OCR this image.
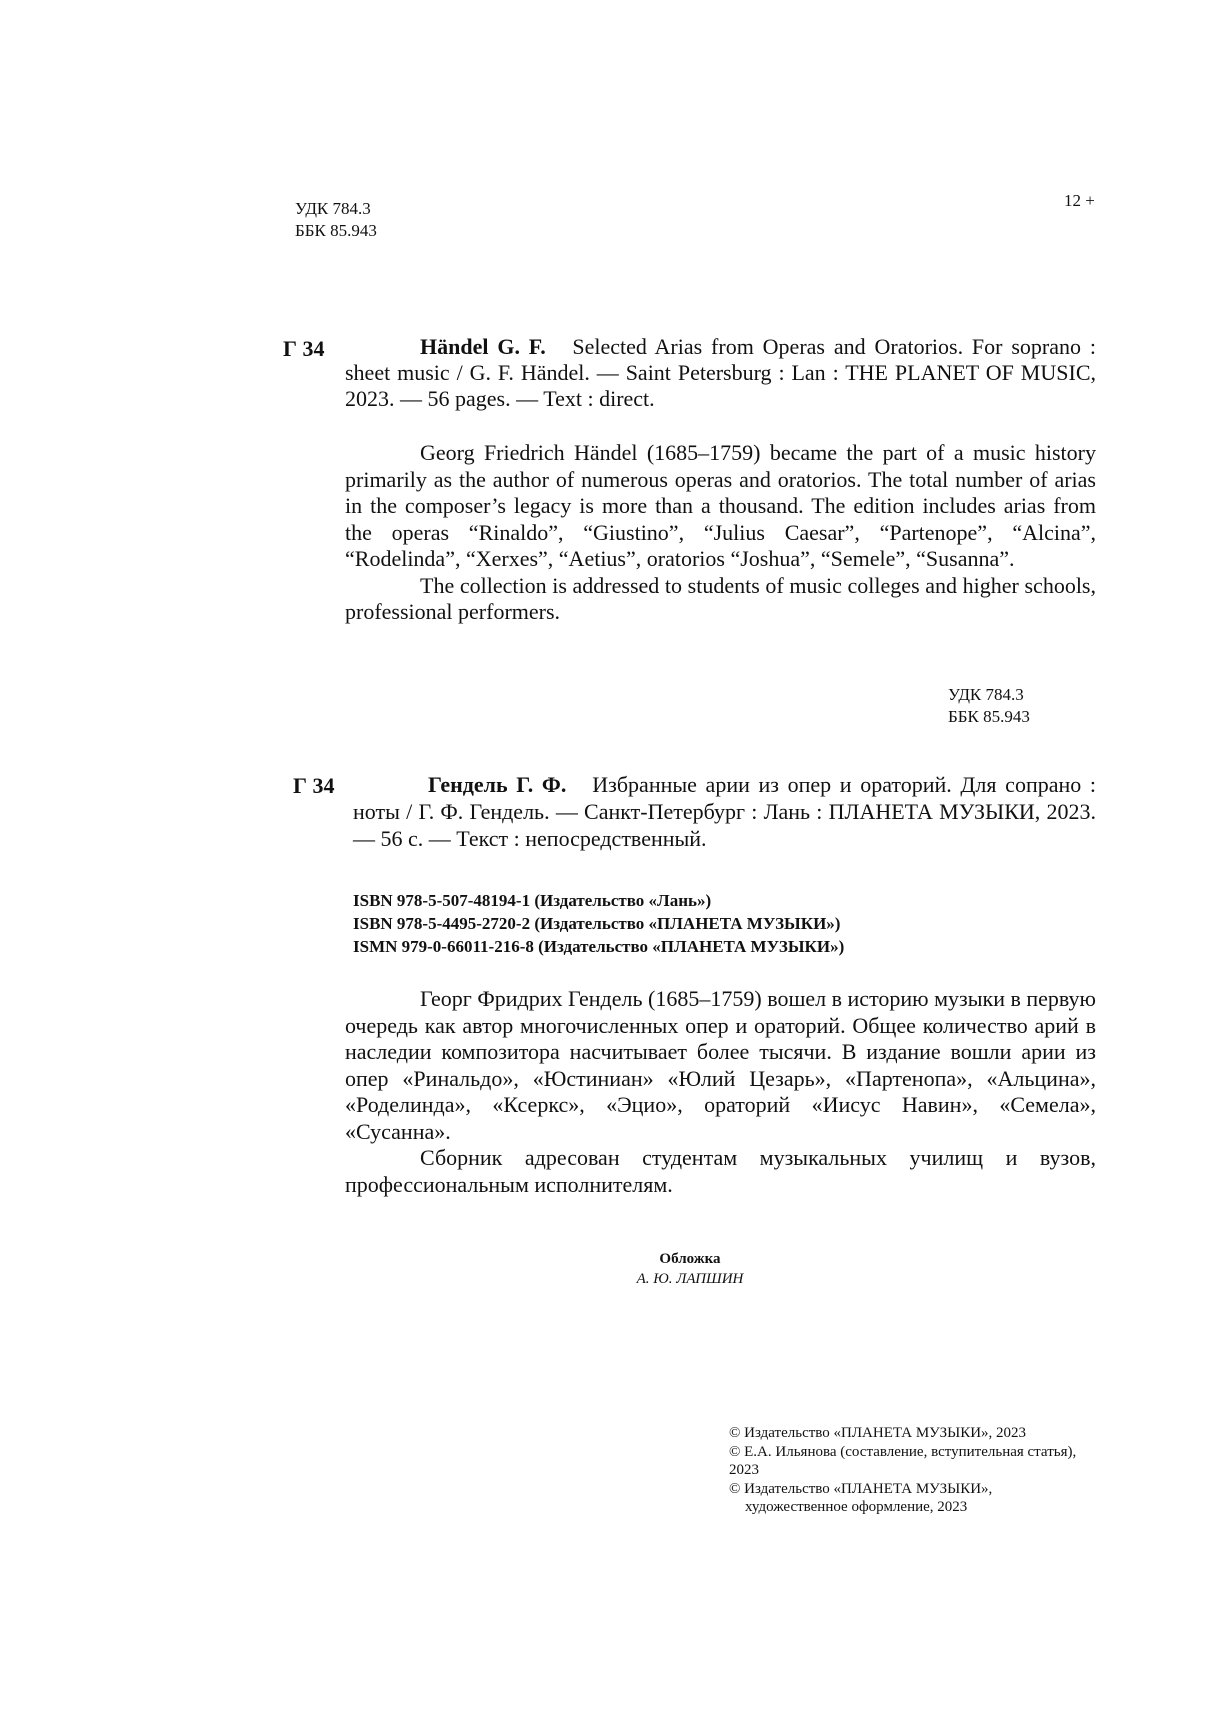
УДК 784.3
ББК 85.943
12 +
Г 34	Händel G. F. Selected Arias from Operas and Oratorios. For soprano : sheet music / G. F. Händel. — Saint Petersburg : Lan : THE PLANET OF MUSIC, 2023. — 56 pages. — Text : direct.

Georg Friedrich Händel (1685–1759) became the part of a music history primarily as the author of numerous operas and oratorios. The total number of arias in the composer’s legacy is more than a thousand. The edition includes arias from the operas “Rinaldo”, “Giustino”, “Julius Caesar”, “Partenope”, “Alcina”, “Rodelinda”, “Xerxes”, “Aetius”, oratorios “Joshua”, “Semele”, “Susanna”.

The collection is addressed to students of music colleges and higher schools, professional performers.

УДК 784.3
ББК 85.943
Г 34	Гендель Г. Ф. Избранные арии из опер и ораторий. Для сопрано : ноты / Г. Ф. Гендель. — Санкт-Петербург : Лань : ПЛАНЕТА МУЗЫКИ, 2023. — 56 с. — Текст : непосредственный.
ISBN 978-5-507-48194-1 (Издательство «Лань»)
ISBN 978-5-4495-2720-2 (Издательство «ПЛАНЕТА МУЗЫКИ»)
ISMN 979-0-66011-216-8 (Издательство «ПЛАНЕТА МУЗЫКИ»)

Георг Фридрих Гендель (1685–1759) вошел в историю музыки в первую очередь как автор многочисленных опер и ораторий. Общее количество арий в наследии композитора насчитывает более тысячи. В издание вошли арии из опер «Ринальдо», «Юстиниан» «Юлий Цезарь», «Партенопа», «Альцина», «Роделинда», «Ксеркс», «Эцио», ораторий «Иисус Навин», «Семела», «Сусанна».

Сборник адресован студентам музыкальных училищ и вузов, профессиональным исполнителям.

Обложка
А. Ю. ЛАПШИН
© Издательство «ПЛАНЕТА МУЗЫКИ», 2023
© Е.А. Ильянова (составление, вступительная статья), 2023
© Издательство «ПЛАНЕТА МУЗЫКИ»,
художественное оформление, 2023
